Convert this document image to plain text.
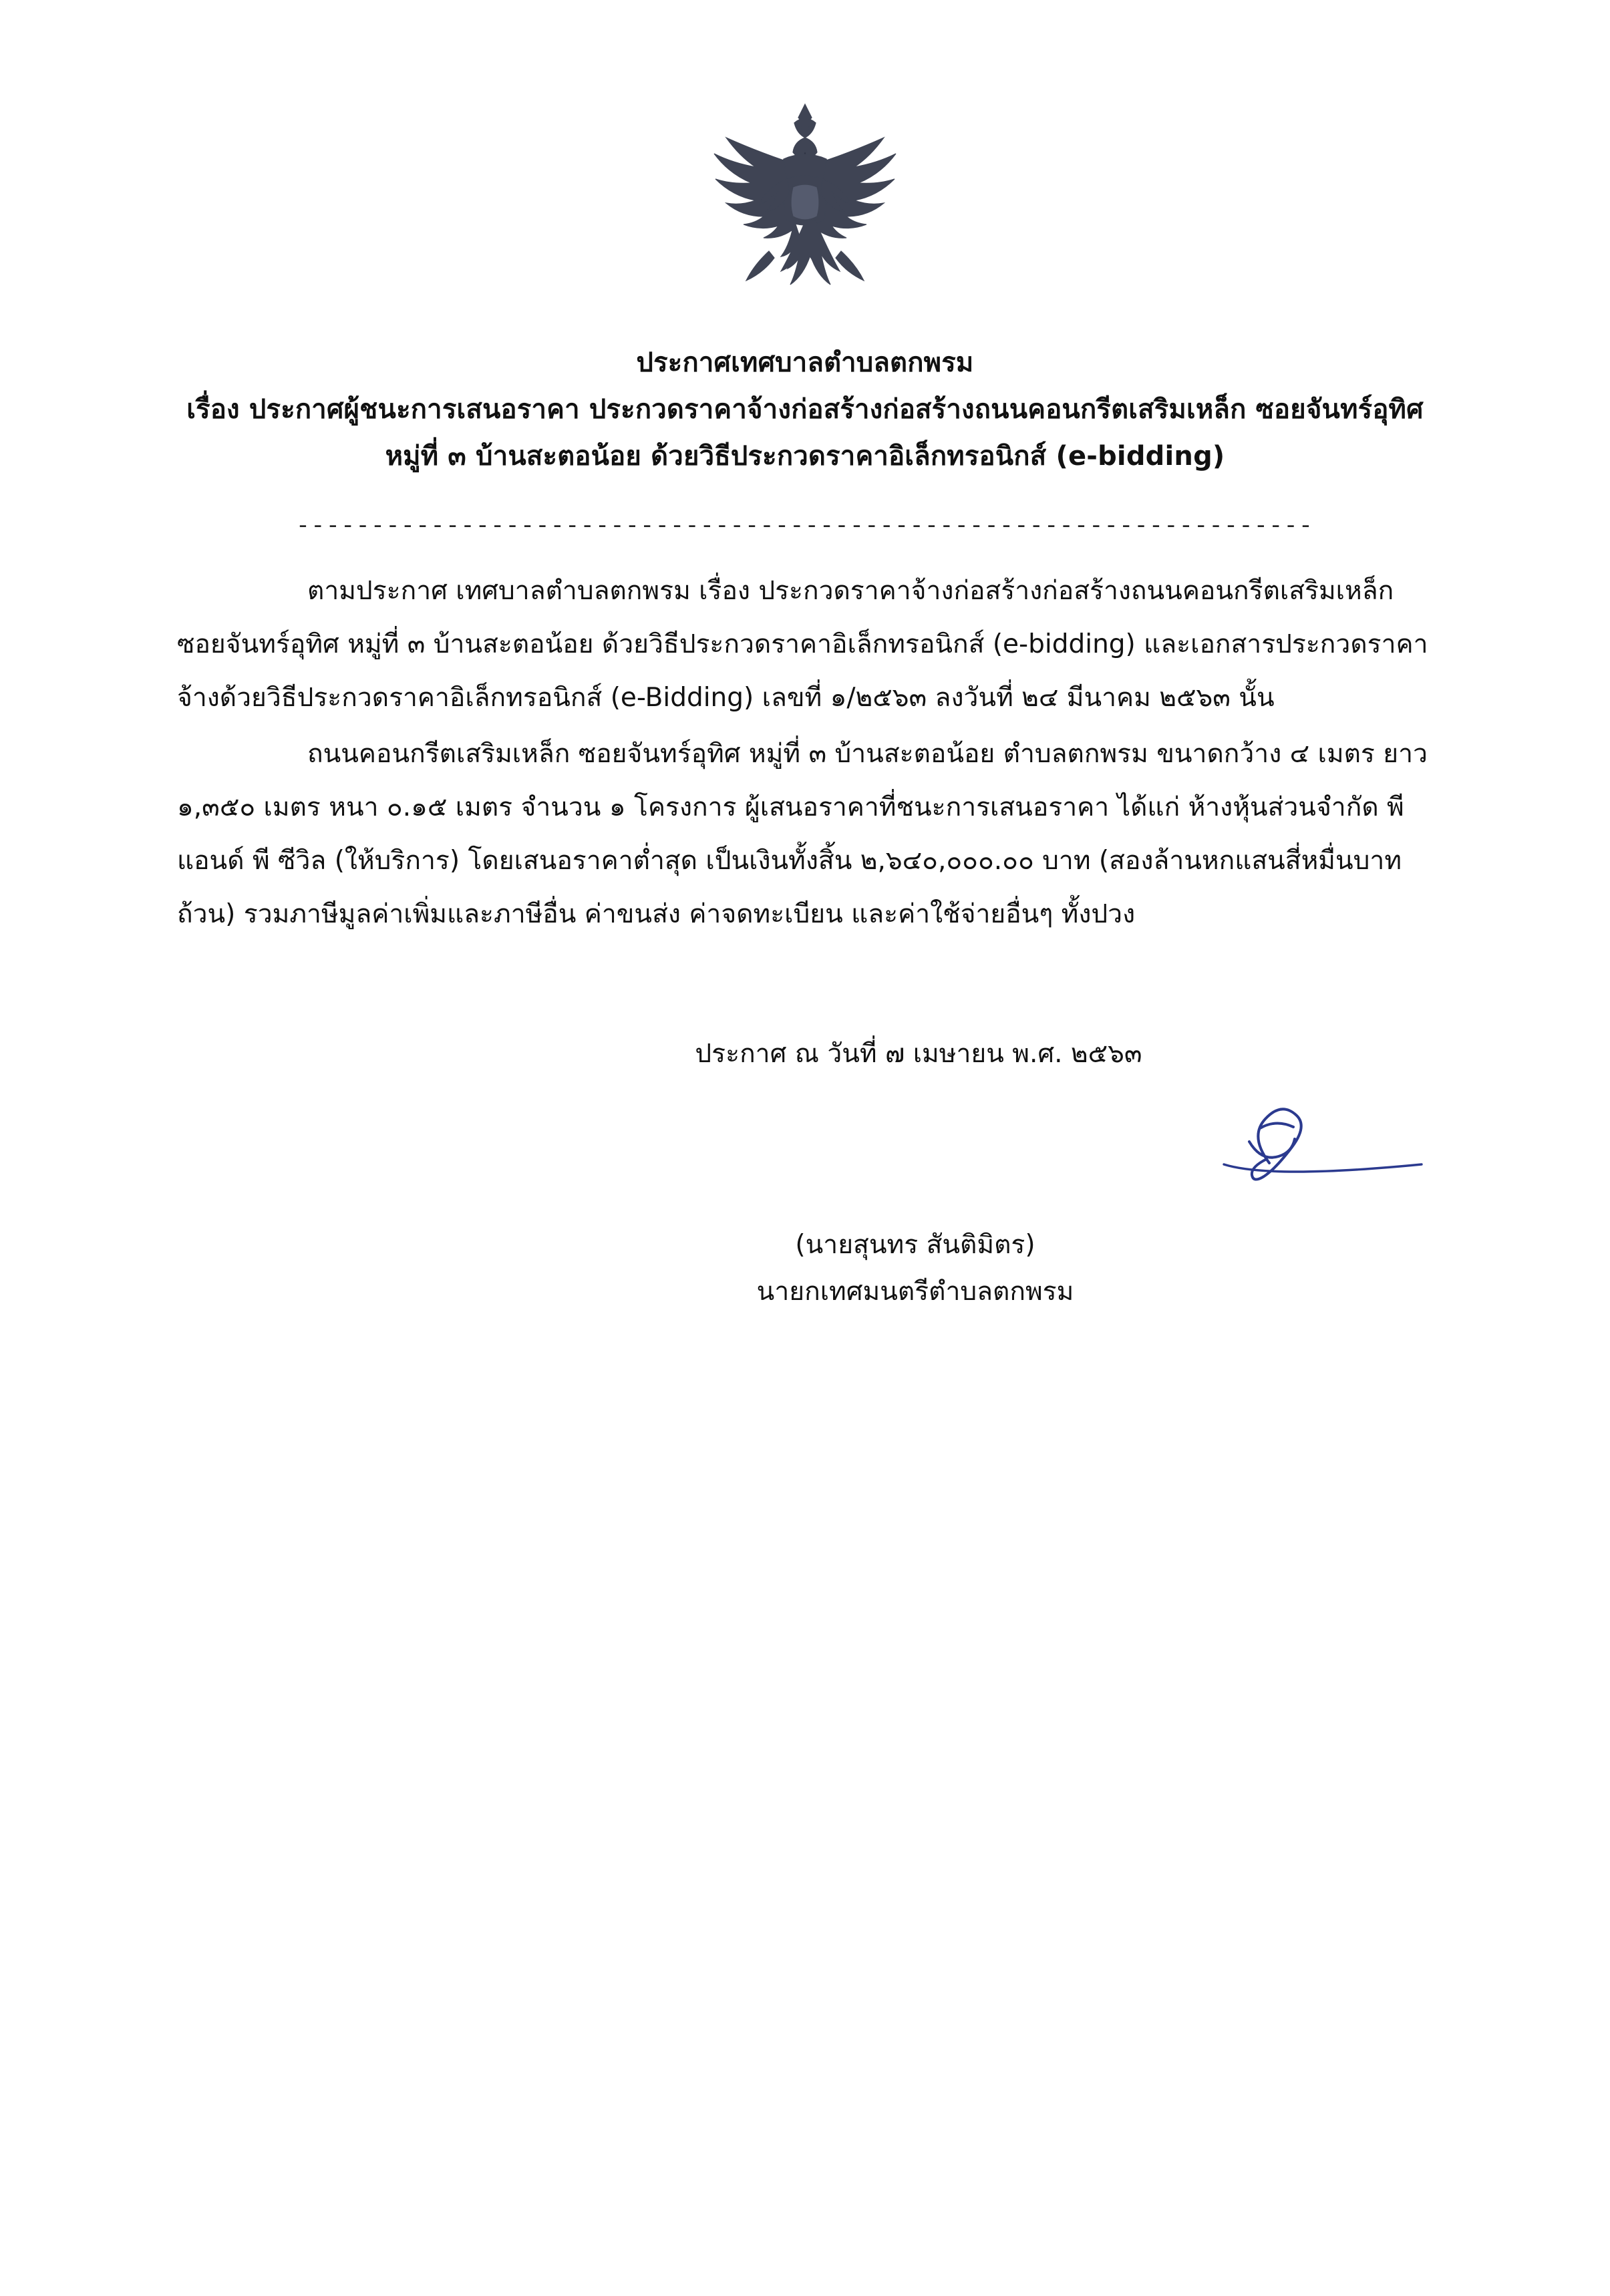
ประกาศเทศบาลตำบลตกพรม
เรื่อง ประกาศผู้ชนะการเสนอราคา ประกวดราคาจ้างก่อสร้างก่อสร้างถนนคอนกรีตเสริมเหล็ก ซอยจันทร์อุทิศ
หมู่ที่ ๓ บ้านสะตอน้อย ด้วยวิธีประกวดราคาอิเล็กทรอนิกส์ (e-bidding)
--------------------------------------------------------------------

ตามประกาศ เทศบาลตำบลตกพรม เรื่อง ประกวดราคาจ้างก่อสร้างก่อสร้างถนนคอนกรีตเสริมเหล็ก
ซอยจันทร์อุทิศ หมู่ที่ ๓ บ้านสะตอน้อย ด้วยวิธีประกวดราคาอิเล็กทรอนิกส์ (e-bidding) และเอกสารประกวดราคา
จ้างด้วยวิธีประกวดราคาอิเล็กทรอนิกส์ (e-Bidding) เลขที่ ๑/๒๕๖๓ ลงวันที่ ๒๔ มีนาคม ๒๕๖๓ นั้น

ถนนคอนกรีตเสริมเหล็ก ซอยจันทร์อุทิศ หมู่ที่ ๓ บ้านสะตอน้อย ตำบลตกพรม ขนาดกว้าง ๔ เมตร ยาว
๑,๓๕๐ เมตร หนา ๐.๑๕ เมตร จำนวน ๑ โครงการ ผู้เสนอราคาที่ชนะการเสนอราคา ได้แก่ ห้างหุ้นส่วนจำกัด พี
แอนด์ พี ซีวิล (ให้บริการ) โดยเสนอราคาต่ำสุด เป็นเงินทั้งสิ้น ๒,๖๔๐,๐๐๐.๐๐ บาท (สองล้านหกแสนสี่หมื่นบาท
ถ้วน) รวมภาษีมูลค่าเพิ่มและภาษีอื่น ค่าขนส่ง ค่าจดทะเบียน และค่าใช้จ่ายอื่นๆ ทั้งปวง

ประกาศ ณ วันที่ ๗ เมษายน พ.ศ. ๒๕๖๓
(นายสุนทร สันติมิตร)
นายกเทศมนตรีตำบลตกพรม
